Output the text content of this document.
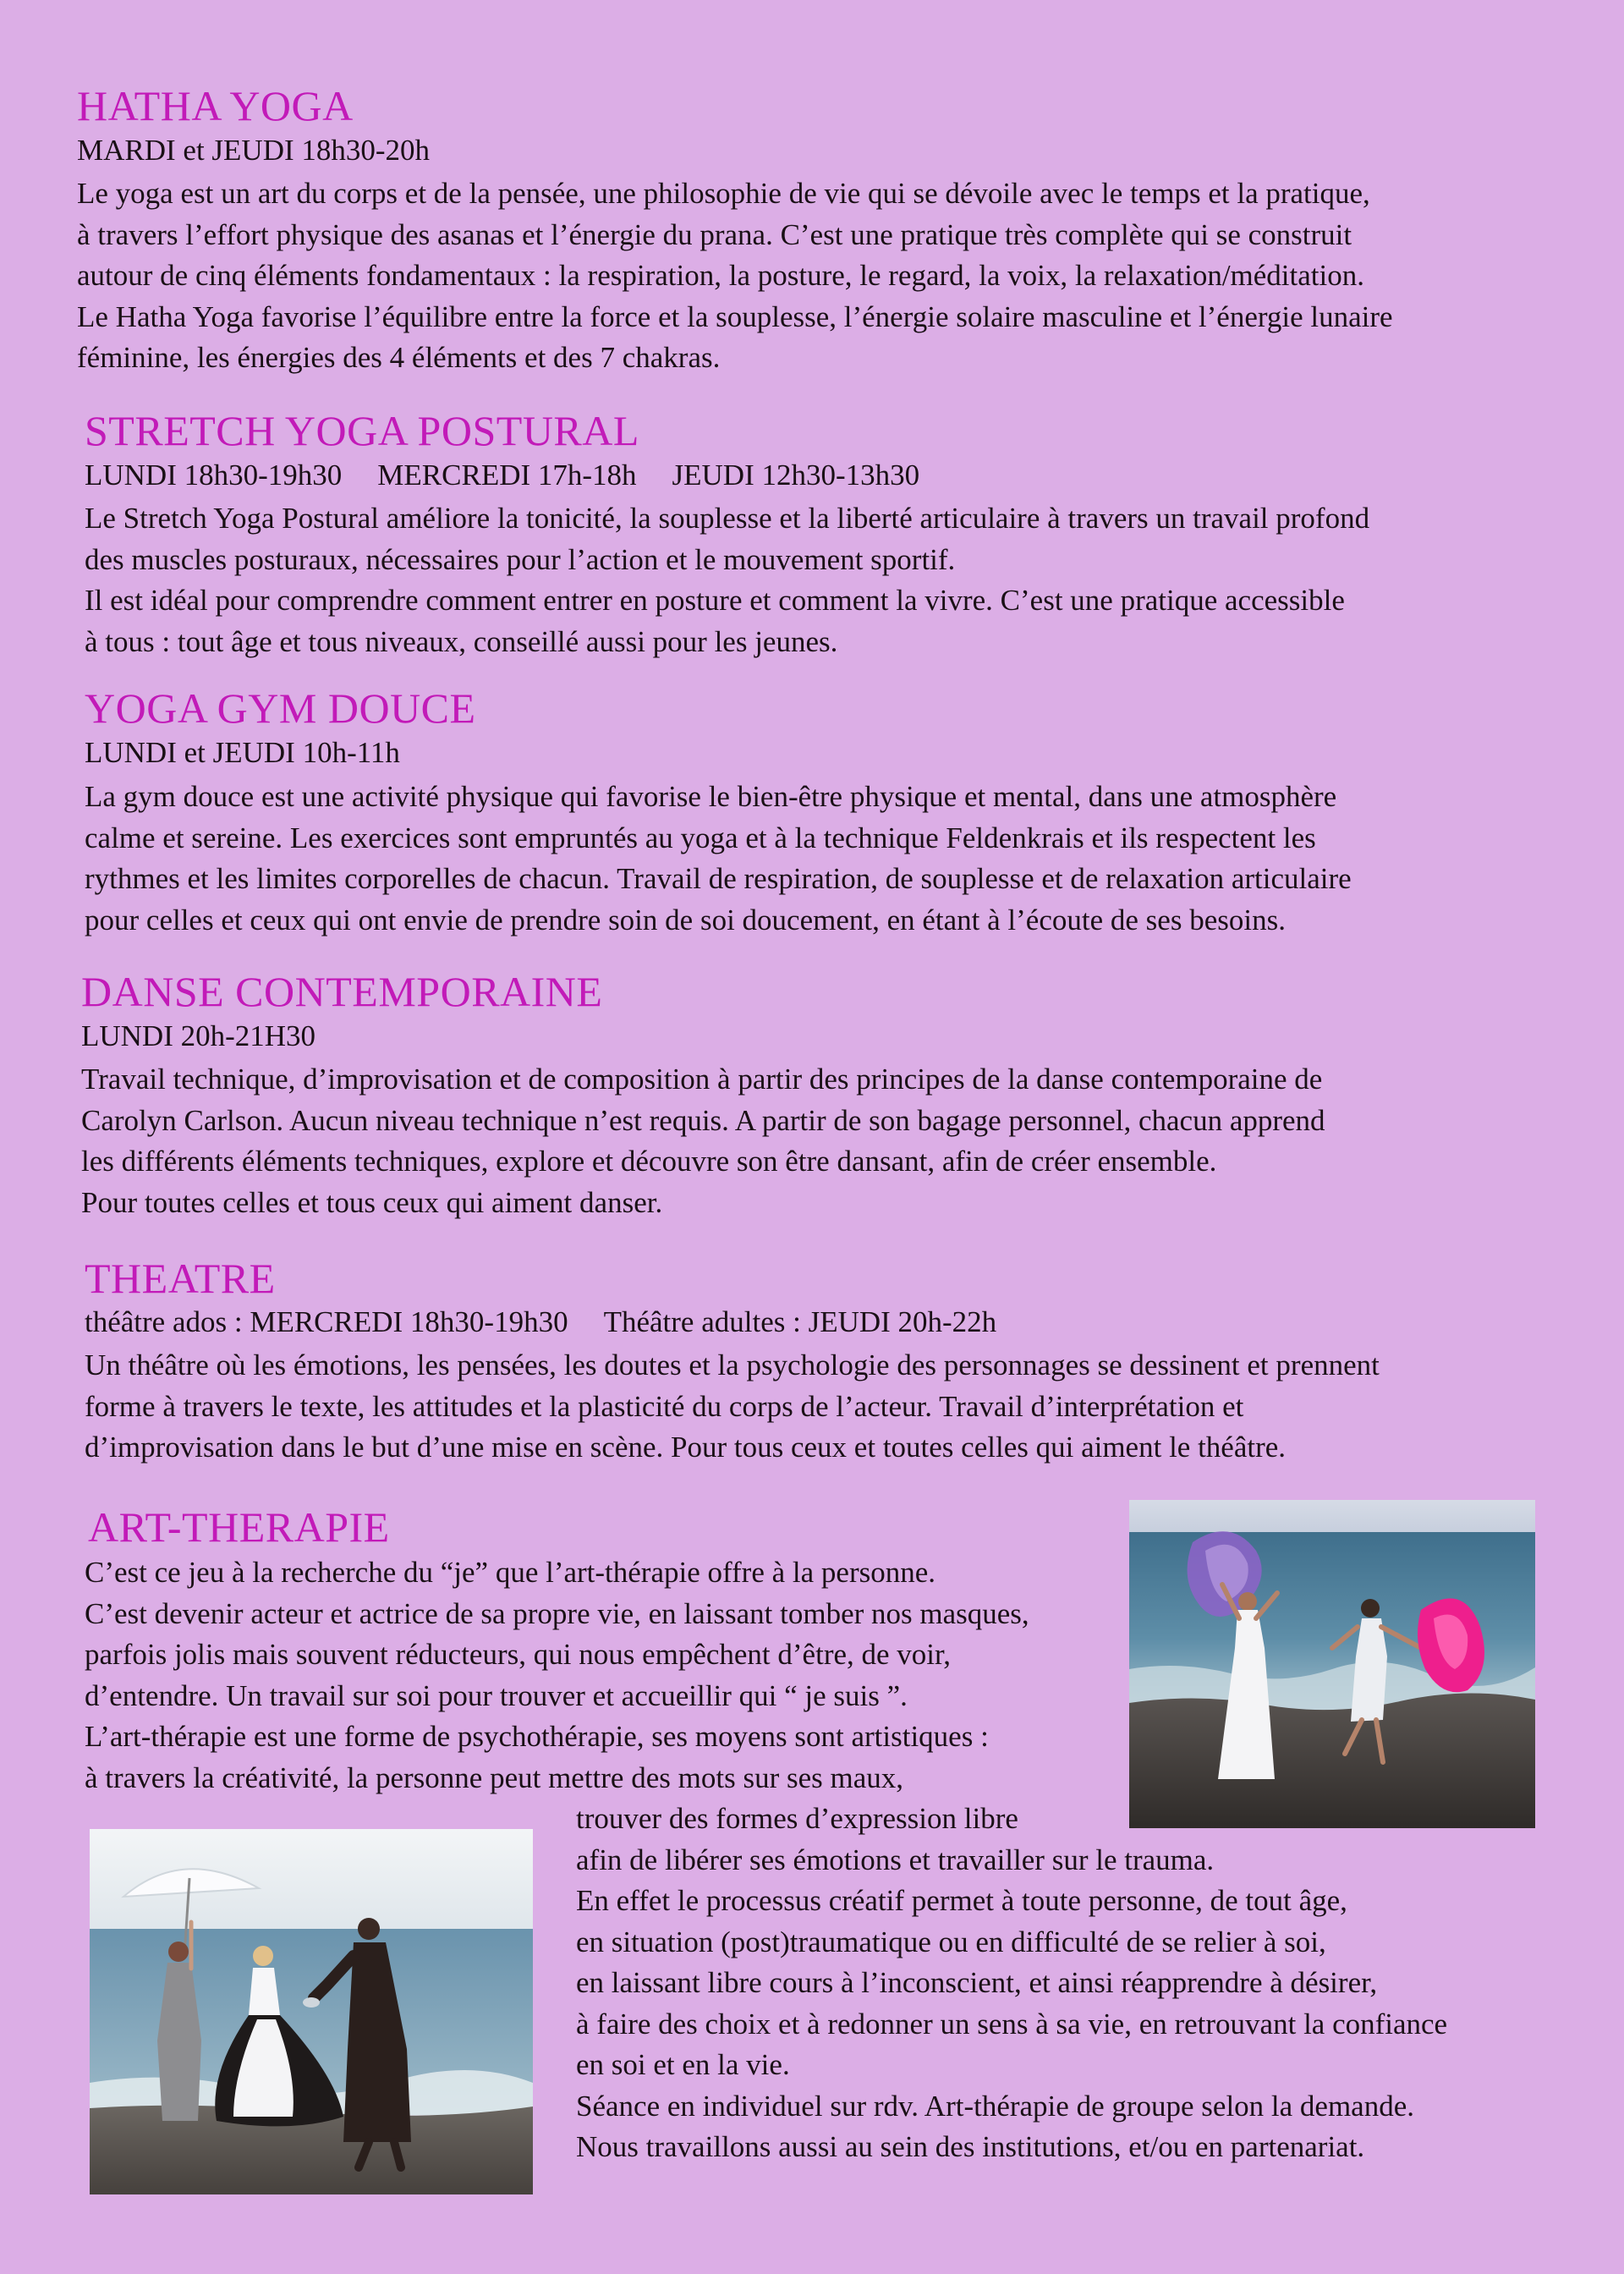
HATHA YOGA
MARDI et JEUDI 18h30-20h
Le yoga est un art du corps et de la pensée, une philosophie de vie qui se dévoile avec le temps et la pratique,
à travers l’effort physique des asanas et l’énergie du prana. C’est une pratique très complète qui se construit
autour de cinq éléments fondamentaux : la respiration, la posture, le regard, la voix, la relaxation/méditation.
Le Hatha Yoga favorise l’équilibre entre la force et la souplesse, l’énergie solaire masculine et l’énergie lunaire
féminine, les énergies des 4 éléments et des 7 chakras.
STRETCH YOGA POSTURAL
LUNDI 18h30-19h30 MERCREDI 17h-18h JEUDI 12h30-13h30
Le Stretch Yoga Postural améliore la tonicité, la souplesse et la liberté articulaire à travers un travail profond
des muscles posturaux, nécessaires pour l’action et le mouvement sportif.
Il est idéal pour comprendre comment entrer en posture et comment la vivre. C’est une pratique accessible
à tous : tout âge et tous niveaux, conseillé aussi pour les jeunes.
YOGA GYM DOUCE
LUNDI et JEUDI 10h-11h
La gym douce est une activité physique qui favorise le bien-être physique et mental, dans une atmosphère
calme et sereine. Les exercices sont empruntés au yoga et à la technique Feldenkrais et ils respectent les
rythmes et les limites corporelles de chacun. Travail de respiration, de souplesse et de relaxation articulaire
pour celles et ceux qui ont envie de prendre soin de soi doucement, en étant à l’écoute de ses besoins.
DANSE CONTEMPORAINE
LUNDI 20h-21H30
Travail technique, d’improvisation et de composition à partir des principes de la danse contemporaine de
Carolyn Carlson. Aucun niveau technique n’est requis. A partir de son bagage personnel, chacun apprend
les différents éléments techniques, explore et découvre son être dansant, afin de créer ensemble.
Pour toutes celles et tous ceux qui aiment danser.
THEATRE
théâtre ados : MERCREDI 18h30-19h30 Théâtre adultes : JEUDI 20h-22h
Un théâtre où les émotions, les pensées, les doutes et la psychologie des personnages se dessinent et prennent
forme à travers le texte, les attitudes et la plasticité du corps de l’acteur. Travail d’interprétation et
d’improvisation dans le but d’une mise en scène. Pour tous ceux et toutes celles qui aiment le théâtre.
ART-THERAPIE
C’est ce jeu à la recherche du “je” que l’art-thérapie offre à la personne.
C’est devenir acteur et actrice de sa propre vie, en laissant tomber nos masques,
parfois jolis mais souvent réducteurs, qui nous empêchent d’être, de voir,
d’entendre. Un travail sur soi pour trouver et accueillir qui “ je suis ”.
L’art-thérapie est une forme de psychothérapie, ses moyens sont artistiques :
à travers la créativité, la personne peut mettre des mots sur ses maux,
trouver des formes d’expression libre
afin de libérer ses émotions et travailler sur le trauma.
En effet le processus créatif permet à toute personne, de tout âge,
en situation (post)traumatique ou en difficulté de se relier à soi,
en laissant libre cours à l’inconscient, et ainsi réapprendre à désirer,
à faire des choix et à redonner un sens à sa vie, en retrouvant la confiance
en soi et en la vie.
Séance en individuel sur rdv. Art-thérapie de groupe selon la demande.
Nous travaillons aussi au sein des institutions, et/ou en partenariat.
